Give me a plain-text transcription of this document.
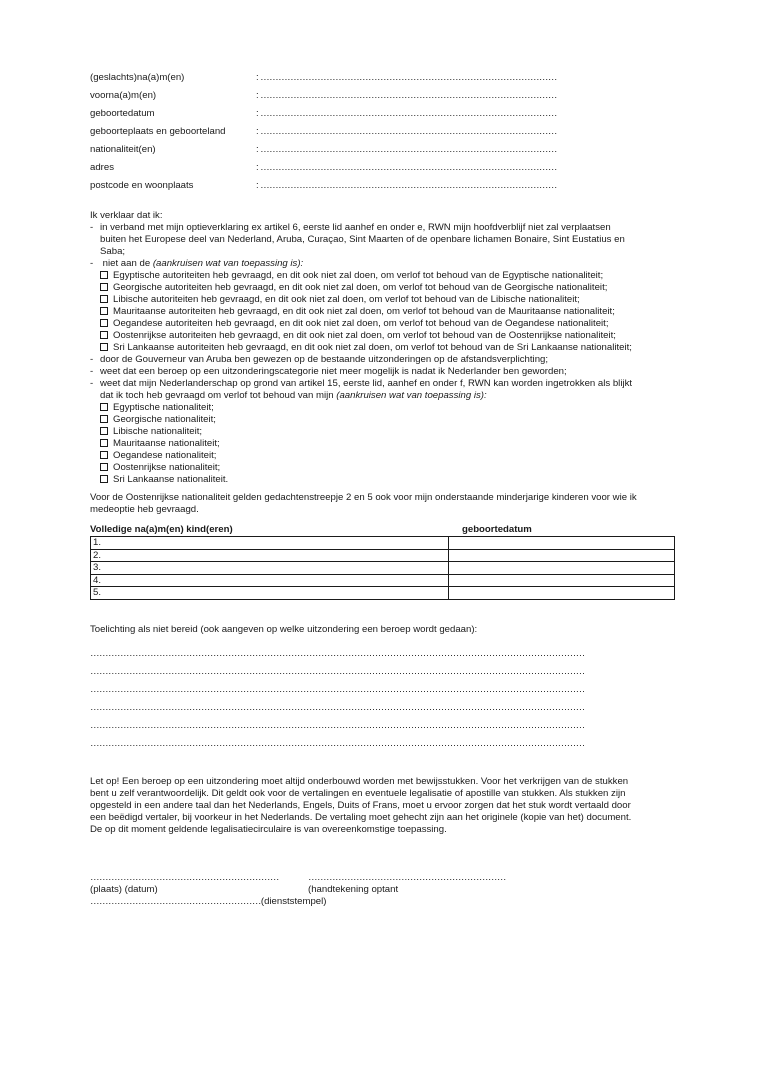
(geslachts)na(a)m(en)	: ………………………………………………………………………………………
voorna(a)m(en)	: ………………………………………………………………………………………
geboortedatum	: ………………………………………………………………………………………
geboorteplaats en geboorteland	: ………………………………………………………………………………………
nationaliteit(en)	: ………………………………………………………………………………………
adres	: ………………………………………………………………………………………
postcode en woonplaats	: ………………………………………………………………………………………
Ik verklaar dat ik:
- in verband met mijn optieverklaring ex artikel 6, eerste lid aanhef en onder e, RWN mijn hoofdverblijf niet zal verplaatsen
buiten het Europese deel van Nederland, Aruba, Curaçao, Sint Maarten of de openbare lichamen Bonaire, Sint Eustatius en
Saba;
- niet aan de (aankruisen wat van toepassing is):
Egyptische autoriteiten heb gevraagd, en dit ook niet zal doen, om verlof tot behoud van de Egyptische nationaliteit;
Georgische autoriteiten heb gevraagd, en dit ook niet zal doen, om verlof tot behoud van de Georgische nationaliteit;
Libische autoriteiten heb gevraagd, en dit ook niet zal doen, om verlof tot behoud van de Libische nationaliteit;
Mauritaanse autoriteiten heb gevraagd, en dit ook niet zal doen, om verlof tot behoud van de Mauritaanse nationaliteit;
Oegandese autoriteiten heb gevraagd, en dit ook niet zal doen, om verlof tot behoud van de Oegandese nationaliteit;
Oostenrijkse autoriteiten heb gevraagd, en dit ook niet zal doen, om verlof tot behoud van de Oostenrijkse nationaliteit;
Sri Lankaanse autoriteiten heb gevraagd, en dit ook niet zal doen, om verlof tot behoud van de Sri Lankaanse nationaliteit;
- door de Gouverneur van Aruba ben gewezen op de bestaande uitzonderingen op de afstandsverplichting;
- weet dat een beroep op een uitzonderingscategorie niet meer mogelijk is nadat ik Nederlander ben geworden;
- weet dat mijn Nederlanderschap op grond van artikel 15, eerste lid, aanhef en onder f, RWN kan worden ingetrokken als blijkt
dat ik toch heb gevraagd om verlof tot behoud van mijn (aankruisen wat van toepassing is):
Egyptische nationaliteit;
Georgische nationaliteit;
Libische nationaliteit;
Mauritaanse nationaliteit;
Oegandese nationaliteit;
Oostenrijkse nationaliteit;
Sri Lankaanse nationaliteit.
Voor de Oostenrijkse nationaliteit gelden gedachtenstreepje 2 en 5 ook voor mijn onderstaande minderjarige kinderen voor wie ik
medeoptie heb gevraagd.
Volledige na(a)m(en) kind(eren)	geboortedatum
1.	
2.	
3.	
4.	
5.	
Toelichting als niet bereid (ook aangeven op welke uitzondering een beroep wordt gedaan):
…………………………………………………………………………………………………………………………………………………
…………………………………………………………………………………………………………………………………………………
…………………………………………………………………………………………………………………………………………………
…………………………………………………………………………………………………………………………………………………
…………………………………………………………………………………………………………………………………………………
…………………………………………………………………………………………………………………………………………………
Let op! Een beroep op een uitzondering moet altijd onderbouwd worden met bewijsstukken. Voor het verkrijgen van de stukken
bent u zelf verantwoordelijk. Dit geldt ook voor de vertalingen en eventuele legalisatie of apostille van stukken. Als stukken zijn
opgesteld in een andere taal dan het Nederlands, Engels, Duits of Frans, moet u ervoor zorgen dat het stuk wordt vertaald door
een beëdigd vertaler, bij voorkeur in het Nederlands. De vertaling moet gehecht zijn aan het originele (kopie van het) document.
De op dit moment geldende legalisatiecirculaire is van overeenkomstige toepassing.
………………………………………………………	…………………………………………………………
(plaats) (datum)	(handtekening optant
…………………………………………………(dienststempel)
